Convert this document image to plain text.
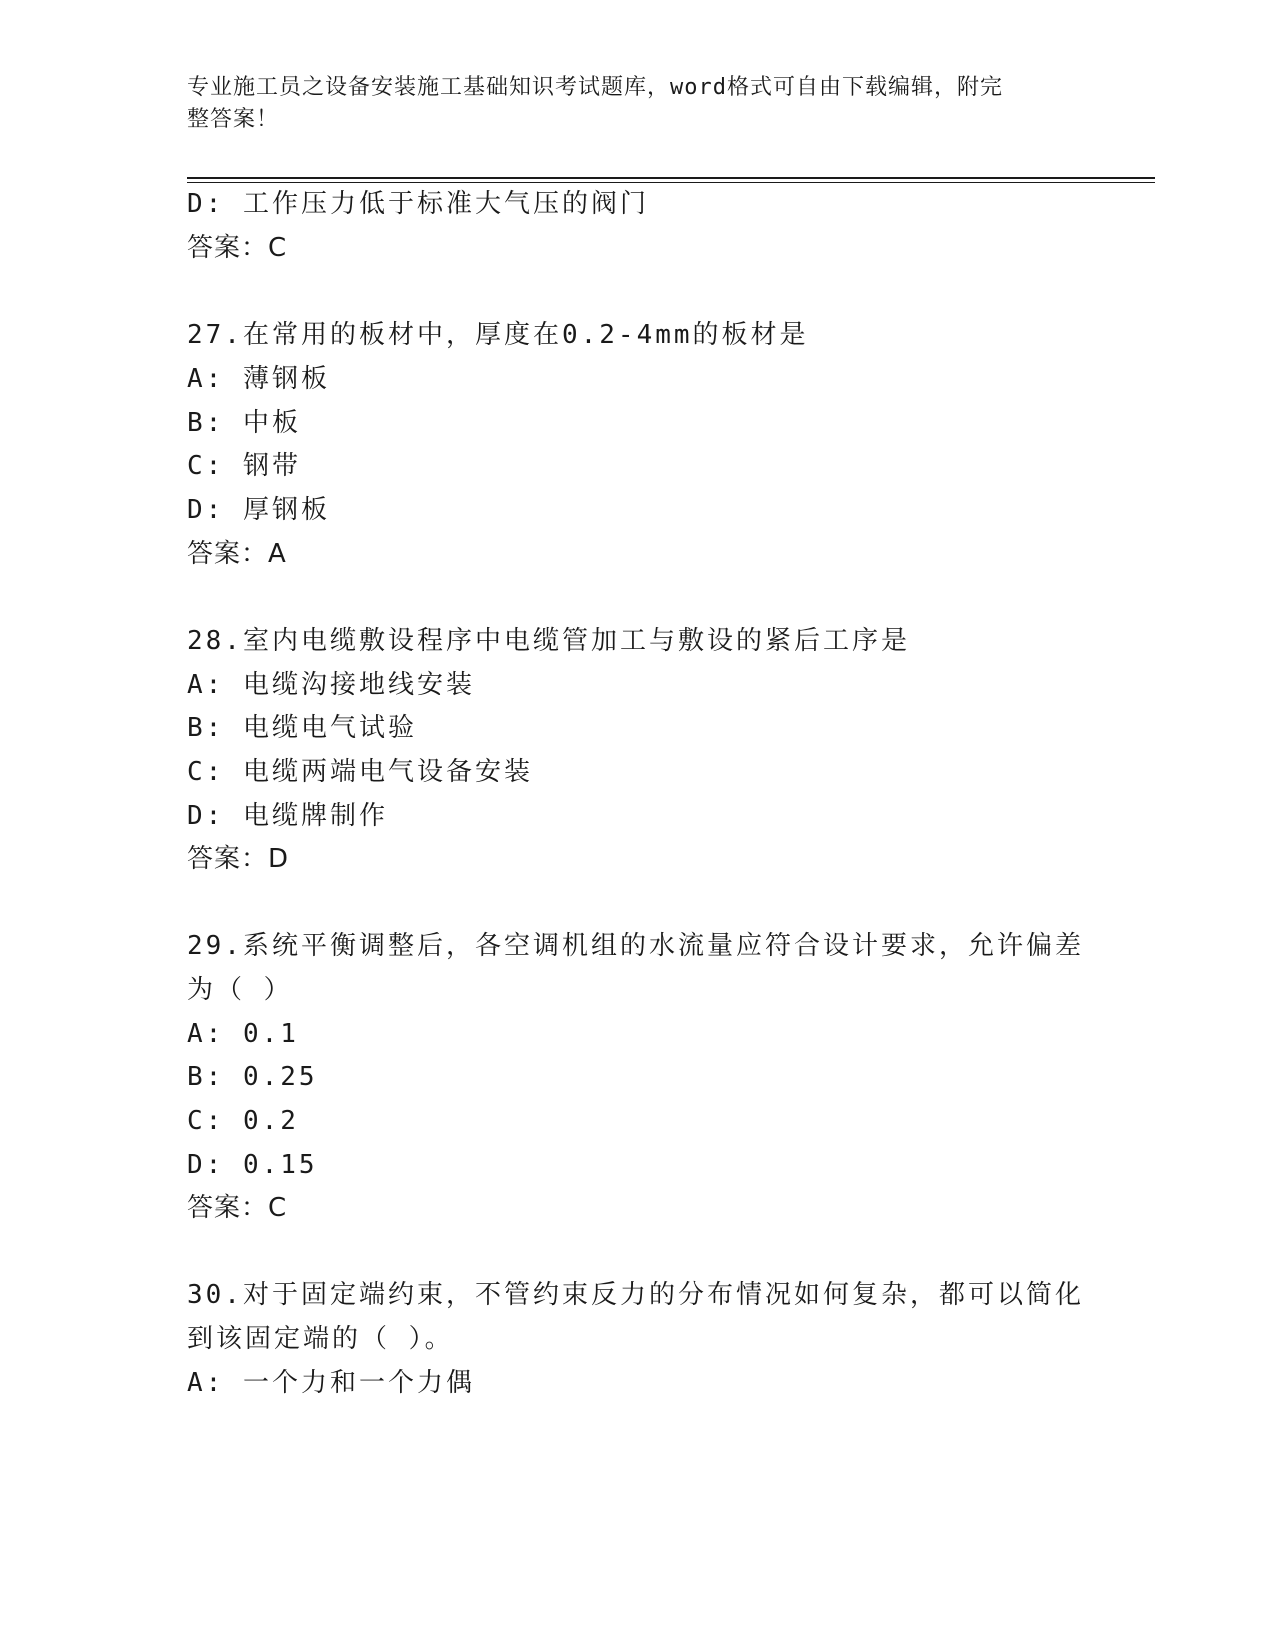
专业施工员之设备安装施工基础知识考试题库，word格式可自由下载编辑，附完
整答案！
D: 工作压力低于标准大气压的阀门
答案：C
27.在常用的板材中，厚度在0.2-4mm的板材是
A: 薄钢板
B: 中板
C: 钢带
D: 厚钢板
答案：A
28.室内电缆敷设程序中电缆管加工与敷设的紧后工序是
A: 电缆沟接地线安装
B: 电缆电气试验
C: 电缆两端电气设备安装
D: 电缆牌制作
答案：D
29.系统平衡调整后，各空调机组的水流量应符合设计要求，允许偏差
为（ ）
A: 0.1
B: 0.25
C: 0.2
D: 0.15
答案：C
30.对于固定端约束，不管约束反力的分布情况如何复杂，都可以简化
到该固定端的（ ）。
A: 一个力和一个力偶
